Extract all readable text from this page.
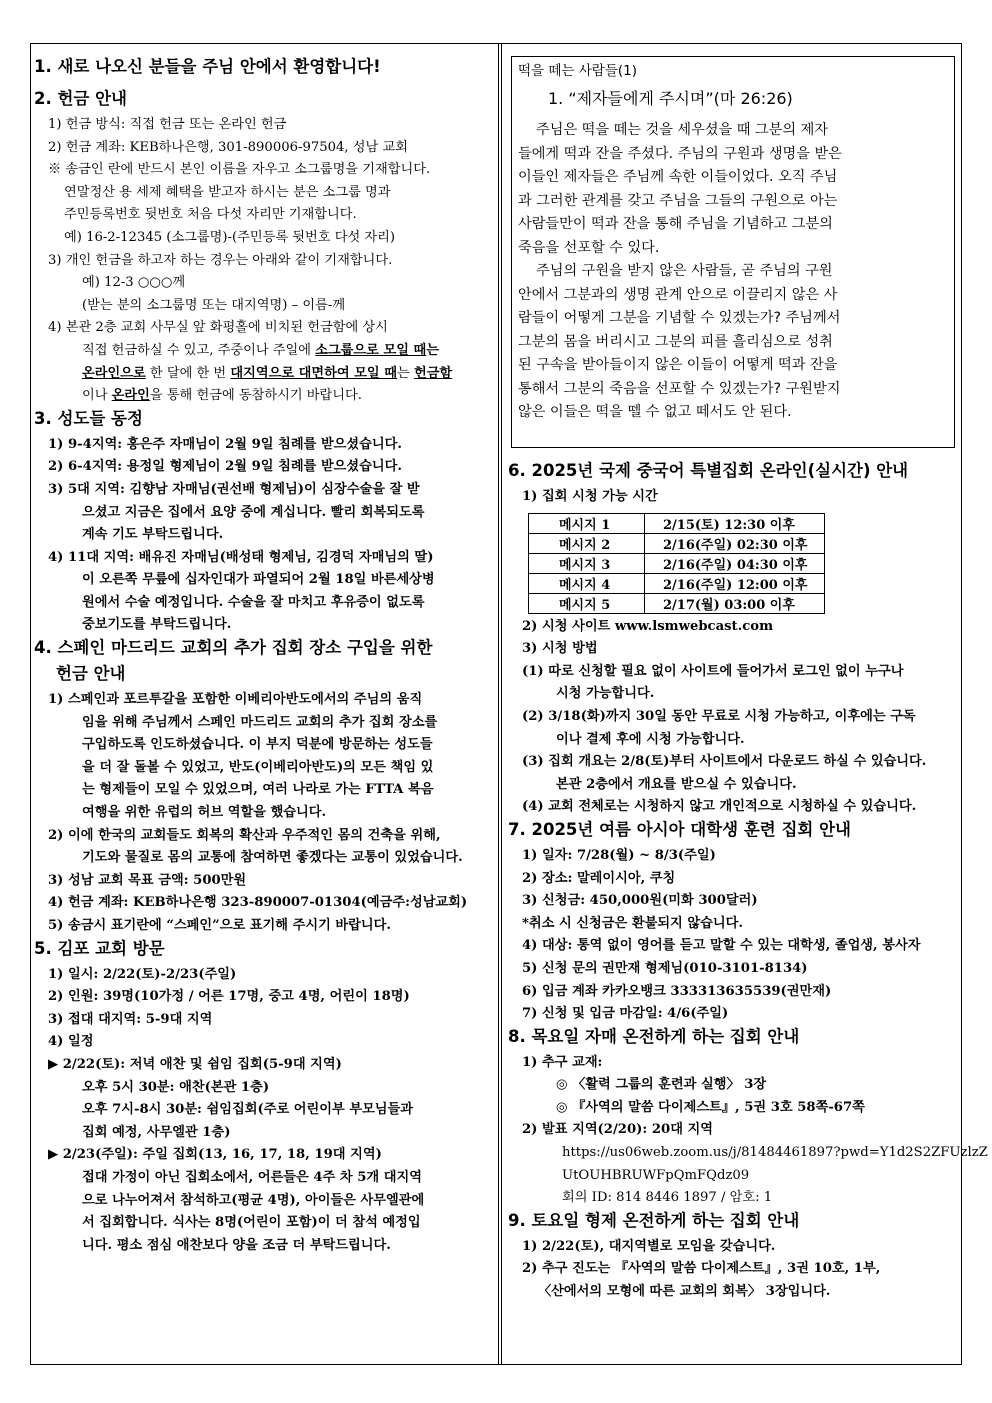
1. 새로 나오신 분들을 주님 안에서 환영합니다!
2. 헌금 안내
1) 헌금 방식: 직접 헌금 또는 온라인 헌금
2) 헌금 계좌: KEB하나은행, 301-890006-97504, 성남 교회
※ 송금인 란에 반드시 본인 이름을 자우고 소그룹명을 기재합니다.
연말정산 용 세제 혜택을 받고자 하시는 분은 소그룹 명과
주민등록번호 뒷번호 처음 다섯 자리만 기재합니다.
예) 16-2-12345 (소그룹명)-(주민등록 뒷번호 다섯 자리)
3) 개인 헌금을 하고자 하는 경우는 아래와 같이 기재합니다.
예) 12-3 ○○○께
(받는 분의 소그룹명 또는 대지역명) – 이름-께
4) 본관 2층 교회 사무실 앞 화평홀에 비치된 헌금함에 상시
직접 헌금하실 수 있고, 주중이나 주일에 소그룹으로 모일 때는
온라인으로 한 달에 한 번 대지역으로 대면하여 모일 때는 헌금함
이나 온라인을 통해 헌금에 동참하시기 바랍니다.
3. 성도들 동정
1) 9-4지역: 홍은주 자매님이 2월 9일 침례를 받으셨습니다.
2) 6-4지역: 용정일 형제님이 2월 9일 침례를 받으셨습니다.
3) 5대 지역: 김향남 자매님(권선배 형제님)이 심장수술을 잘 받
으셨고 지금은 집에서 요양 중에 계십니다. 빨리 회복되도록
계속 기도 부탁드립니다.
4) 11대 지역: 배유진 자매님(배성태 형제님, 김경덕 자매님의 딸)
이 오른쪽 무릎에 십자인대가 파열되어 2월 18일 바른세상병
원에서 수술 예정입니다. 수술을 잘 마치고 후유증이 없도록
중보기도를 부탁드립니다.
4. 스페인 마드리드 교회의 추가 집회 장소 구입을 위한
헌금 안내
1) 스페인과 포르투갈을 포함한 이베리아반도에서의 주님의 움직
임을 위해 주님께서 스페인 마드리드 교회의 추가 집회 장소를
구입하도록 인도하셨습니다. 이 부지 덕분에 방문하는 성도들
을 더 잘 돌볼 수 있었고, 반도(이베리아반도)의 모든 책임 있
는 형제들이 모일 수 있었으며, 여러 나라로 가는 FTTA 복음
여행을 위한 유럽의 허브 역할을 했습니다.
2) 이에 한국의 교회들도 회복의 확산과 우주적인 몸의 건축을 위해,
기도와 물질로 몸의 교통에 참여하면 좋겠다는 교통이 있었습니다.
3) 성남 교회 목표 금액: 500만원
4) 헌금 계좌: KEB하나은행 323-890007-01304(예금주:성남교회)
5) 송금시 표기란에 “스페인”으로 표기해 주시기 바랍니다.
5. 김포 교회 방문
1) 일시: 2/22(토)-2/23(주일)
2) 인원: 39명(10가정 / 어른 17명, 중고 4명, 어린이 18명)
3) 접대 대지역: 5-9대 지역
4) 일정
▶ 2/22(토): 저녁 애찬 및 쉼임 집회(5-9대 지역)
오후 5시 30분: 애찬(본관 1층)
오후 7시-8시 30분: 쉼임집회(주로 어린이부 부모님들과
집회 예정, 사무엘관 1층)
▶ 2/23(주일): 주일 집회(13, 16, 17, 18, 19대 지역)
접대 가정이 아닌 집회소에서, 어른들은 4주 차 5개 대지역
으로 나누어져서 참석하고(평균 4명), 아이들은 사무엘관에
서 집회합니다. 식사는 8명(어린이 포함)이 더 참석 예정입
니다. 평소 점심 애찬보다 양을 조금 더 부탁드립니다.
떡을 떼는 사람들(1)
1. “제자들에게 주시며”(마 26:26)
주님은 떡을 떼는 것을 세우셨을 때 그분의 제자
들에게 떡과 잔을 주셨다. 주님의 구원과 생명을 받은
이들인 제자들은 주님께 속한 이들이었다. 오직 주님
과 그러한 관계를 갖고 주님을 그들의 구원으로 아는
사람들만이 떡과 잔을 통해 주님을 기념하고 그분의
죽음을 선포할 수 있다.
주님의 구원을 받지 않은 사람들, 곧 주님의 구원
안에서 그분과의 생명 관계 안으로 이끌리지 않은 사
람들이 어떻게 그분을 기념할 수 있겠는가? 주님께서
그분의 몸을 버리시고 그분의 피를 흘리심으로 성취
된 구속을 받아들이지 않은 이들이 어떻게 떡과 잔을
통해서 그분의 죽음을 선포할 수 있겠는가? 구원받지
않은 이들은 떡을 뗄 수 없고 떼서도 안 된다.
6. 2025년 국제 중국어 특별집회 온라인(실시간) 안내
1) 집회 시청 가능 시간
메시지 1	2/15(토) 12:30 이후
메시지 2	2/16(주일) 02:30 이후
메시지 3	2/16(주일) 04:30 이후
메시지 4	2/16(주일) 12:00 이후
메시지 5	2/17(월) 03:00 이후
2) 시청 사이트 www.lsmwebcast.com
3) 시청 방법
(1) 따로 신청할 필요 없이 사이트에 들어가서 로그인 없이 누구나
시청 가능합니다.
(2) 3/18(화)까지 30일 동안 무료로 시청 가능하고, 이후에는 구독
이나 결제 후에 시청 가능합니다.
(3) 집회 개요는 2/8(토)부터 사이트에서 다운로드 하실 수 있습니다.
본관 2층에서 개요를 받으실 수 있습니다.
(4) 교회 전체로는 시청하지 않고 개인적으로 시청하실 수 있습니다.
7. 2025년 여름 아시아 대학생 훈련 집회 안내
1) 일자: 7/28(월) ~ 8/3(주일)
2) 장소: 말레이시아, 쿠칭
3) 신청금: 450,000원(미화 300달러)
*취소 시 신청금은 환불되지 않습니다.
4) 대상: 통역 없이 영어를 듣고 말할 수 있는 대학생, 졸업생, 봉사자
5) 신청 문의 권만재 형제님(010-3101-8134)
6) 입금 계좌 카카오뱅크 333313635539(권만재)
7) 신청 및 입금 마감일: 4/6(주일)
8. 목요일 자매 온전하게 하는 집회 안내
1) 추구 교재:
◎ 〈활력 그룹의 훈련과 실행〉 3장
◎ 『사역의 말씀 다이제스트』, 5권 3호 58쪽-67쪽
2) 발표 지역(2/20): 20대 지역
https://us06web.zoom.us/j/81484461897?pwd=Y1d2S2ZFUzlzZ
UtOUHBRUWFpQmFQdz09
회의 ID: 814 8446 1897 / 암호: 1
9. 토요일 형제 온전하게 하는 집회 안내
1) 2/22(토), 대지역별로 모임을 갖습니다.
2) 추구 진도는 『사역의 말씀 다이제스트』, 3권 10호, 1부,
〈산에서의 모형에 따른 교회의 회복〉 3장입니다.
